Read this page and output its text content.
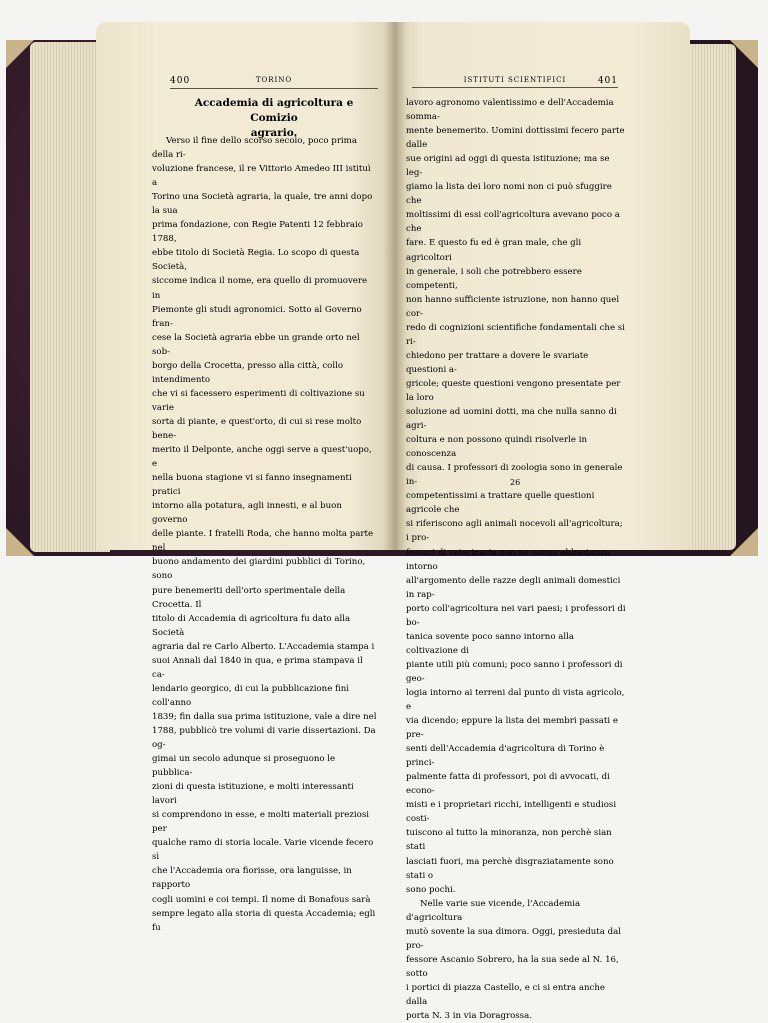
400	TORINO	ISTITUTI SCIENTIFICI	401

Accademia di agricoltura e Comizio
agrario.

Verso il fine dello scorso secolo, poco prima della ri-

voluzione francese, il re Vittorio Amedeo III istituì a

Torino una Società agraria, la quale, tre anni dopo la sua

prima fondazione, con Regie Patenti 12 febbraio 1788,

ebbe titolo di Società Regia. Lo scopo di questa Società,

siccome indica il nome, era quello di promuovere in

Piemonte gli studi agronomici. Sotto al Governo fran-

cese la Società agraria ebbe un grande orto nel sob-

borgo della Crocetta, presso alla città, collo intendimento

che vi si facessero esperimenti di coltivazione su varie

sorta di piante, e quest'orto, di cui si rese molto bene-

merito il Delponte, anche oggi serve a quest'uopo, e

nella buona stagione vi si fanno insegnamenti pratici

intorno alla potatura, agli innesti, e al buon governo

delle piante. I fratelli Roda, che hanno molta parte nel

buono andamento dei giardini pubblici di Torino, sono

pure benemeriti dell'orto sperimentale della Crocetta. Il

titolo di Accademia di agricoltura fu dato alla Società

agraria dal re Carlo Alberto. L'Accademia stampa i

suoi Annali dal 1840 in qua, e prima stampava il ca-

lendario georgico, di cui la pubblicazione finì coll'anno

1839; fin dalla sua prima istituzione, vale a dire nel

1788, pubblicò tre volumi di varie dissertazioni. Da og-

gimai un secolo adunque si proseguono le pubblica-

zioni di questa istituzione, e molti interessanti lavori

si comprendono in esse, e molti materiali preziosi per

qualche ramo di storia locale. Varie vicende fecero sì

che l'Accademia ora fiorisse, ora languisse, in rapporto

cogli uomini e coi tempi. Il nome di Bonafous sarà

sempre legato alla storia di questa Accademia; egli fu

lavoro agronomo valentissimo e dell'Accademia somma-

mente benemerito. Uomini dottissimi fecero parte dalle

sue origini ad oggi di questa istituzione; ma se leg-

giamo la lista dei loro nomi non ci può sfuggire che

moltissimi di essi coll'agricoltura avevano poco a che

fare. E questo fu ed è gran male, che gli agricoltori

in generale, i soli che potrebbero essere competenti,

non hanno sufficiente istruzione, non hanno quel cor-

redo di cognizioni scientifiche fondamentali che si ri-

chiedono per trattare a dovere le svariate questioni a-

gricole; queste questioni vengono presentate per la loro

soluzione ad uomini dotti, ma che nulla sanno di agri-

coltura e non possono quindi risolverle in conoscenza

di causa. I professori di zoologia sono in generale in-

competentissimi a trattare quelle questioni agricole che

si riferiscono agli animali nocevoli all'agricoltura; i pro-

fessori di veterinaria non ne sanno abbastanza intorno

all'argomento delle razze degli animali domestici in rap-

porto coll'agricoltura nei vari paesi; i professori di bo-

tanica sovente poco sanno intorno alla coltivazione di

piante utili più comuni; poco sanno i professori di geo-

logia intorno ai terreni dal punto di vista agricolo, e

via dicendo; eppure la lista dei membri passati e pre-

senti dell'Accademia d'agricoltura di Torino è princi-

palmente fatta di professori, poi di avvocati, di econo-

misti e i proprietari ricchi, intelligenti e studiosi costi-

tuiscono al tutto la minoranza, non perchè sian stati

lasciati fuori, ma perchè disgraziatamente sono stati o

sono pochi.

Nelle varie sue vicende, l'Accademia d'agricoltura

mutò sovente la sua dimora. Oggi, presieduta dal pro-

fessore Ascanio Sobrero, ha la sua sede al N. 16, sotto

i portici di piazza Castello, e ci si entra anche dalla

porta N. 3 in via Doragrossa.

26
